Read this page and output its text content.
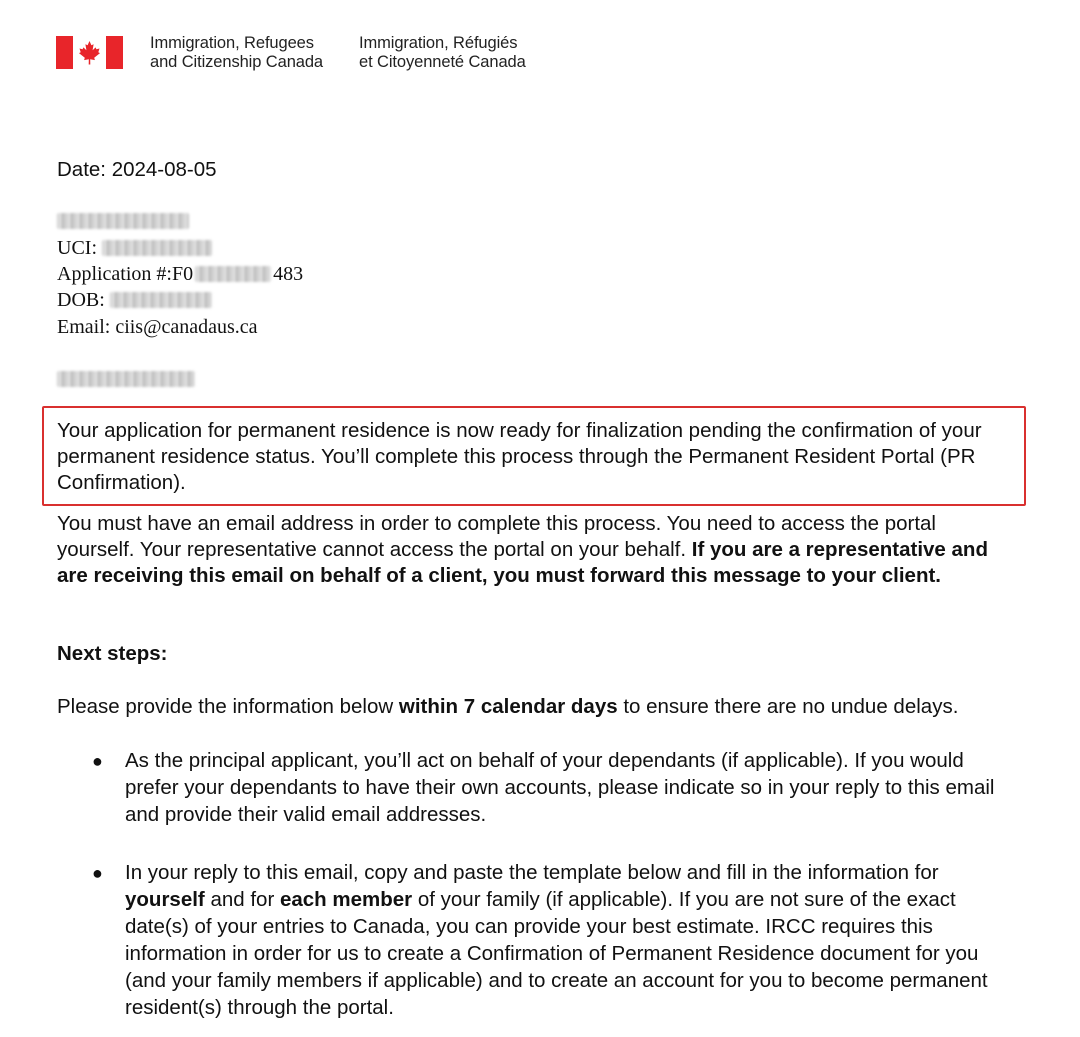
Immigration, Refugees
and Citizenship Canada
Immigration, Réfugiés
et Citoyenneté Canada
Date: 2024-08-05
UCI:
Application #:F0	483
DOB:
Email: ciis@canadaus.ca
Your application for permanent residence is now ready for finalization pending the confirmation of your permanent residence status. You’ll complete this process through the Permanent Resident Portal (PR Confirmation).
You must have an email address in order to complete this process. You need to access the portal yourself. Your representative cannot access the portal on your behalf. If you are a representative and are receiving this email on behalf of a client, you must forward this message to your client.
Next steps:
Please provide the information below within 7 calendar days to ensure there are no undue delays.
● As the principal applicant, you’ll act on behalf of your dependants (if applicable). If you would prefer your dependants to have their own accounts, please indicate so in your reply to this email and provide their valid email addresses.
● In your reply to this email, copy and paste the template below and fill in the information for yourself and for each member of your family (if applicable). If you are not sure of the exact date(s) of your entries to Canada, you can provide your best estimate. IRCC requires this information in order for us to create a Confirmation of Permanent Residence document for you (and your family members if applicable) and to create an account for you to become permanent resident(s) through the portal.
